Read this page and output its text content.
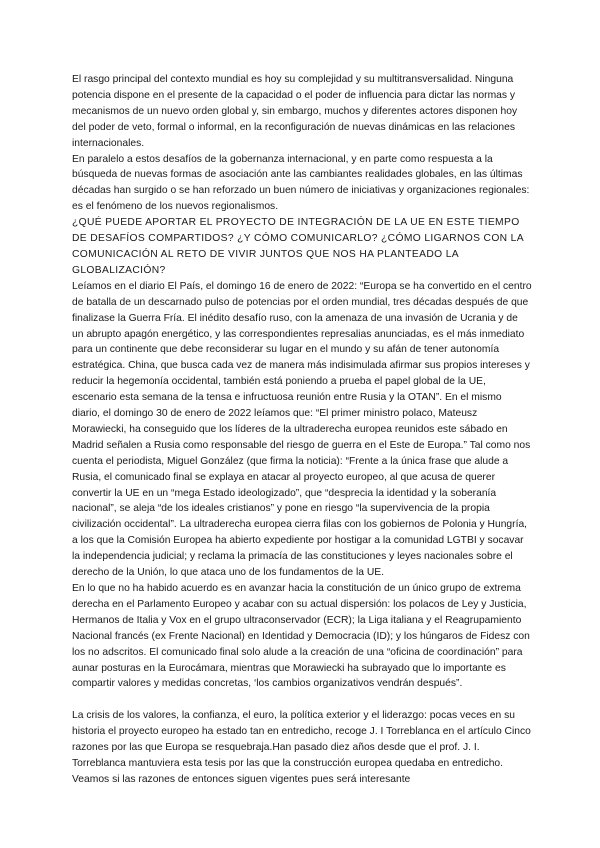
El rasgo principal del contexto mundial es hoy su complejidad y su multitransversalidad. Ninguna potencia dispone en el presente de la capacidad o el poder de influencia para dictar las normas y mecanismos de un nuevo orden global y, sin embargo, muchos y diferentes actores disponen hoy del poder de veto, formal o informal, en la reconfiguración de nuevas dinámicas en las relaciones internacionales.

En paralelo a estos desafíos de la gobernanza internacional, y en parte como respuesta a la búsqueda de nuevas formas de asociación ante las cambiantes realidades globales, en las últimas décadas han surgido o se han reforzado un buen número de iniciativas y organizaciones regionales: es el fenómeno de los nuevos regionalismos.

¿QUÉ PUEDE APORTAR EL PROYECTO DE INTEGRACIÓN DE LA UE EN ESTE TIEMPO DE DESAFÍOS COMPARTIDOS? ¿Y CÓMO COMUNICARLO? ¿CÓMO LIGARNOS CON LA COMUNICACIÓN AL RETO DE VIVIR JUNTOS QUE NOS HA PLANTEADO LA GLOBALIZACIÓN?

Leíamos en el diario El País, el domingo 16 de enero de 2022: “Europa se ha convertido en el centro de batalla de un descarnado pulso de potencias por el orden mundial, tres décadas después de que finalizase la Guerra Fría. El inédito desafío ruso, con la amenaza de una invasión de Ucrania y de un abrupto apagón energético, y las correspondientes represalias anunciadas, es el más inmediato para un continente que debe reconsiderar su lugar en el mundo y su afán de tener autonomía estratégica. China, que busca cada vez de manera más indisimulada afirmar sus propios intereses y reducir la hegemonía occidental, también está poniendo a prueba el papel global de la UE, escenario esta semana de la tensa e infructuosa reunión entre Rusia y la OTAN”. En el mismo diario, el domingo 30 de enero de 2022 leíamos que: “El primer ministro polaco, Mateusz Morawiecki, ha conseguido que los líderes de la ultraderecha europea reunidos este sábado en Madrid señalen a Rusia como responsable del riesgo de guerra en el Este de Europa.” Tal como nos cuenta el periodista, Miguel González (que firma la noticia): “Frente a la única frase que alude a Rusia, el comunicado final se explaya en atacar al proyecto europeo, al que acusa de querer convertir la UE en un “mega Estado ideologizado”, que “desprecia la identidad y la soberanía nacional”, se aleja “de los ideales cristianos” y pone en riesgo “la supervivencia de la propia civilización occidental”. La ultraderecha europea cierra filas con los gobiernos de Polonia y Hungría, a los que la Comisión Europea ha abierto expediente por hostigar a la comunidad LGTBI y socavar la independencia judicial; y reclama la primacía de las constituciones y leyes nacionales sobre el derecho de la Unión, lo que ataca uno de los fundamentos de la UE.

En lo que no ha habido acuerdo es en avanzar hacia la constitución de un único grupo de extrema derecha en el Parlamento Europeo y acabar con su actual dispersión: los polacos de Ley y Justicia, Hermanos de Italia y Vox en el grupo ultraconservador (ECR); la Liga italiana y el Reagrupamiento Nacional francés (ex Frente Nacional) en Identidad y Democracia (ID); y los húngaros de Fidesz con los no adscritos. El comunicado final solo alude a la creación de una “oficina de coordinación” para aunar posturas en la Eurocámara, mientras que Morawiecki ha subrayado que lo importante es compartir valores y medidas concretas, ‘los cambios organizativos vendrán después”.

La crisis de los valores, la confianza, el euro, la política exterior y el liderazgo: pocas veces en su historia el proyecto europeo ha estado tan en entredicho, recoge J. I Torreblanca en el artículo Cinco razones por las que Europa se resquebraja.Han pasado diez años desde que el prof. J. I. Torreblanca mantuviera esta tesis por las que la construcción europea quedaba en entredicho. Veamos si las razones de entonces siguen vigentes pues será interesante
